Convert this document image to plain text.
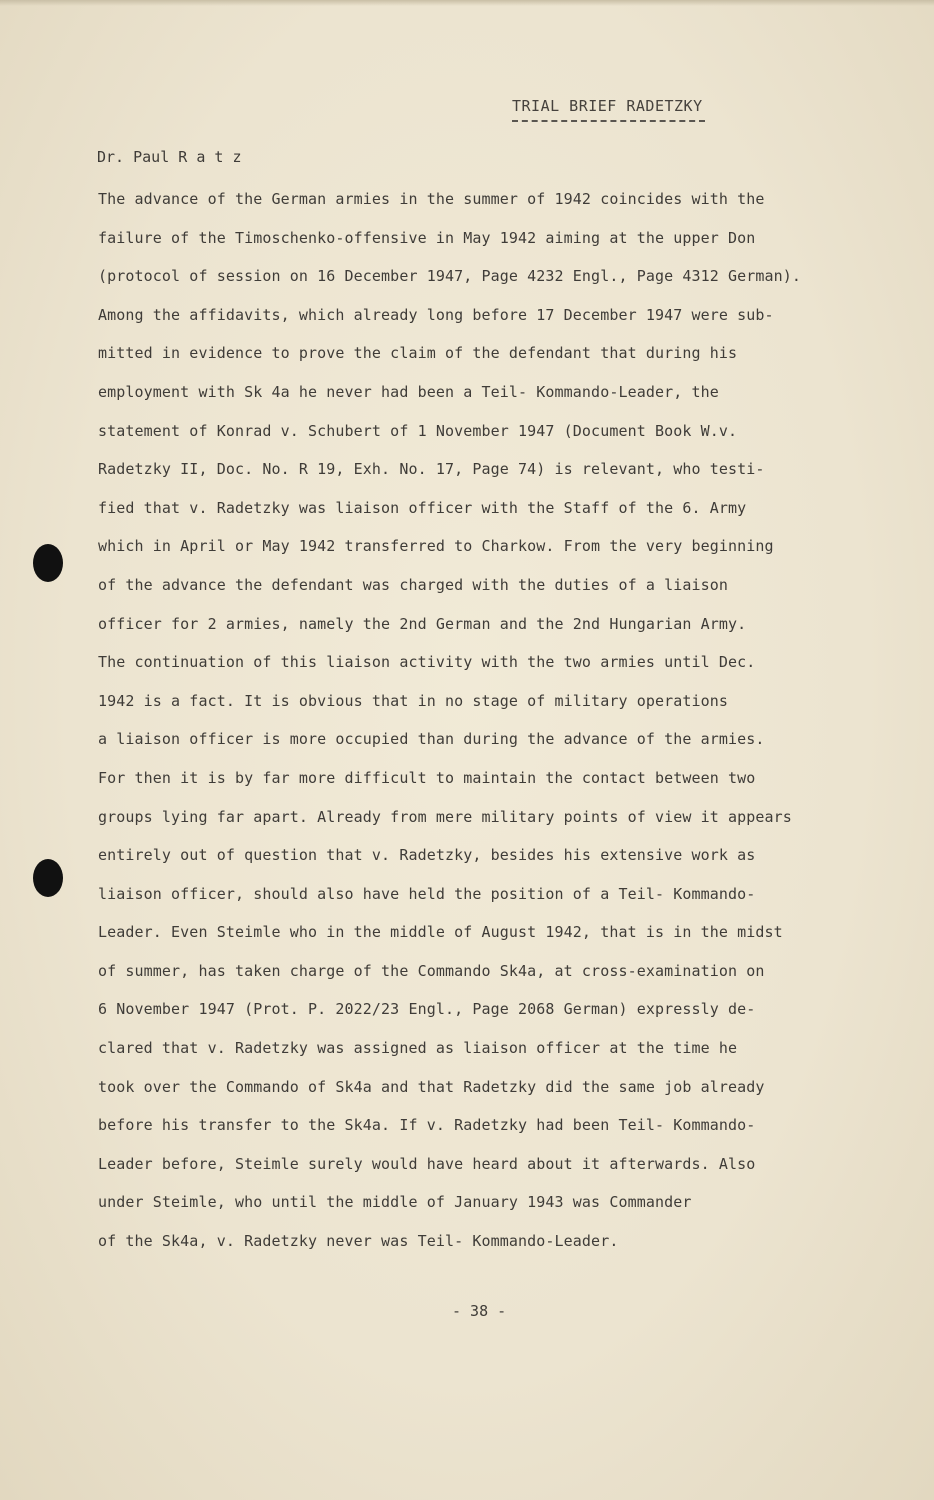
TRIAL BRIEF RADETZKY
Dr. Paul R a t z
The advance of the German armies in the summer of 1942 coincides with the
failure of the Timoschenko-offensive in May 1942 aiming at the upper Don
(protocol of session on 16 December 1947, Page 4232 Engl., Page 4312 German).
Among the affidavits, which already long before 17 December 1947 were sub-
mitted in evidence to prove the claim of the defendant that during his
employment with Sk 4a he never had been a Teil- Kommando-Leader, the
statement of Konrad v. Schubert of 1 November 1947 (Document Book W.v.
Radetzky II, Doc. No. R 19, Exh. No. 17, Page 74) is relevant, who testi-
fied that v. Radetzky was liaison officer with the Staff of the 6. Army
which in April or May 1942 transferred to Charkow. From the very beginning
of the advance the defendant was charged with the duties of a liaison
officer for 2 armies, namely the 2nd German and the 2nd Hungarian Army.
The continuation of this liaison activity with the two armies until Dec.
1942 is a fact. It is obvious that in no stage of military operations
a liaison officer is more occupied than during the advance of the armies.
For then it is by far more difficult to maintain the contact between two
groups lying far apart. Already from mere military points of view it appears
entirely out of question that v. Radetzky, besides his extensive work as
liaison officer, should also have held the position of a Teil- Kommando-
Leader. Even Steimle who in the middle of August 1942, that is in the midst
of summer, has taken charge of the Commando Sk4a, at cross-examination on
6 November 1947 (Prot. P. 2022/23 Engl., Page 2068 German) expressly de-
clared that v. Radetzky was assigned as liaison officer at the time he
took over the Commando of Sk4a and that Radetzky did the same job already
before his transfer to the Sk4a. If v. Radetzky had been Teil- Kommando-
Leader before, Steimle surely would have heard about it afterwards. Also
under Steimle, who until the middle of January 1943 was Commander
of the Sk4a, v. Radetzky never was Teil- Kommando-Leader.
- 38 -
